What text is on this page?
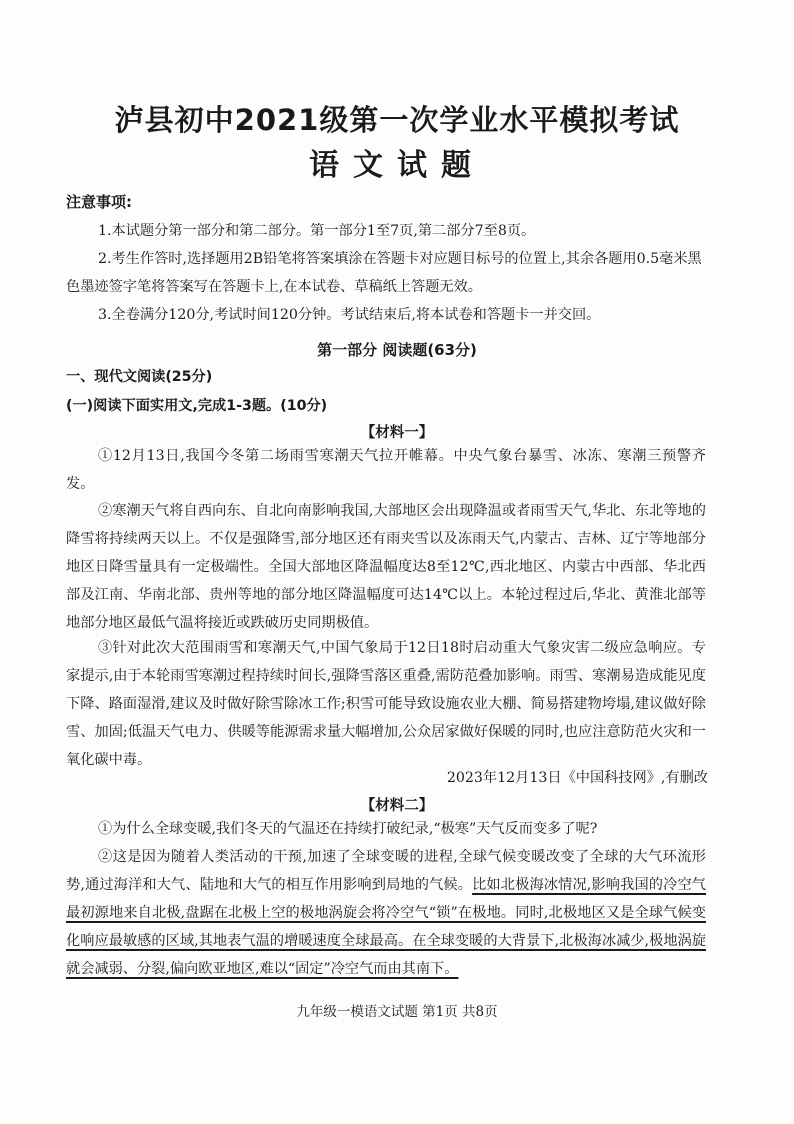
泸县初中2021级第一次学业水平模拟考试
语文试题
注意事项:
1.本试题分第一部分和第二部分。第一部分1至7页,第二部分7至8页。
2.考生作答时,选择题用2B铅笔将答案填涂在答题卡对应题目标号的位置上,其余各题用0.5毫米黑色墨迹签字笔将答案写在答题卡上,在本试卷、草稿纸上答题无效。
3.全卷满分120分,考试时间120分钟。考试结束后,将本试卷和答题卡一并交回。
第一部分 阅读题(63分)
一、现代文阅读(25分)
(一)阅读下面实用文,完成1-3题。(10分)
【材料一】
①12月13日,我国今冬第二场雨雪寒潮天气拉开帷幕。中央气象台暴雪、冰冻、寒潮三预警齐发。
②寒潮天气将自西向东、自北向南影响我国,大部地区会出现降温或者雨雪天气,华北、东北等地的降雪将持续两天以上。不仅是强降雪,部分地区还有雨夹雪以及冻雨天气,内蒙古、吉林、辽宁等地部分地区日降雪量具有一定极端性。全国大部地区降温幅度达8至12℃,西北地区、内蒙古中西部、华北西部及江南、华南北部、贵州等地的部分地区降温幅度可达14℃以上。本轮过程过后,华北、黄淮北部等地部分地区最低气温将接近或跌破历史同期极值。
③针对此次大范围雨雪和寒潮天气,中国气象局于12日18时启动重大气象灾害二级应急响应。专家提示,由于本轮雨雪寒潮过程持续时间长,强降雪落区重叠,需防范叠加影响。雨雪、寒潮易造成能见度下降、路面湿滑,建议及时做好除雪除冰工作;积雪可能导致设施农业大棚、简易搭建物垮塌,建议做好除雪、加固;低温天气电力、供暖等能源需求量大幅增加,公众居家做好保暖的同时,也应注意防范火灾和一氧化碳中毒。
2023年12月13日《中国科技网》,有删改
【材料二】
①为什么全球变暖,我们冬天的气温还在持续打破纪录,“极寒”天气反而变多了呢?
②这是因为随着人类活动的干预,加速了全球变暖的进程,全球气候变暖改变了全球的大气环流形势,通过海洋和大气、陆地和大气的相互作用影响到局地的气候。比如北极海冰情况,影响我国的冷空气最初源地来自北极,盘踞在北极上空的极地涡旋会将冷空气“锁”在极地。同时,北极地区又是全球气候变化响应最敏感的区域,其地表气温的增暖速度全球最高。在全球变暖的大背景下,北极海冰减少,极地涡旋就会减弱、分裂,偏向欧亚地区,难以“固定”冷空气而由其南下。
九年级一模语文试题 第1页 共8页
